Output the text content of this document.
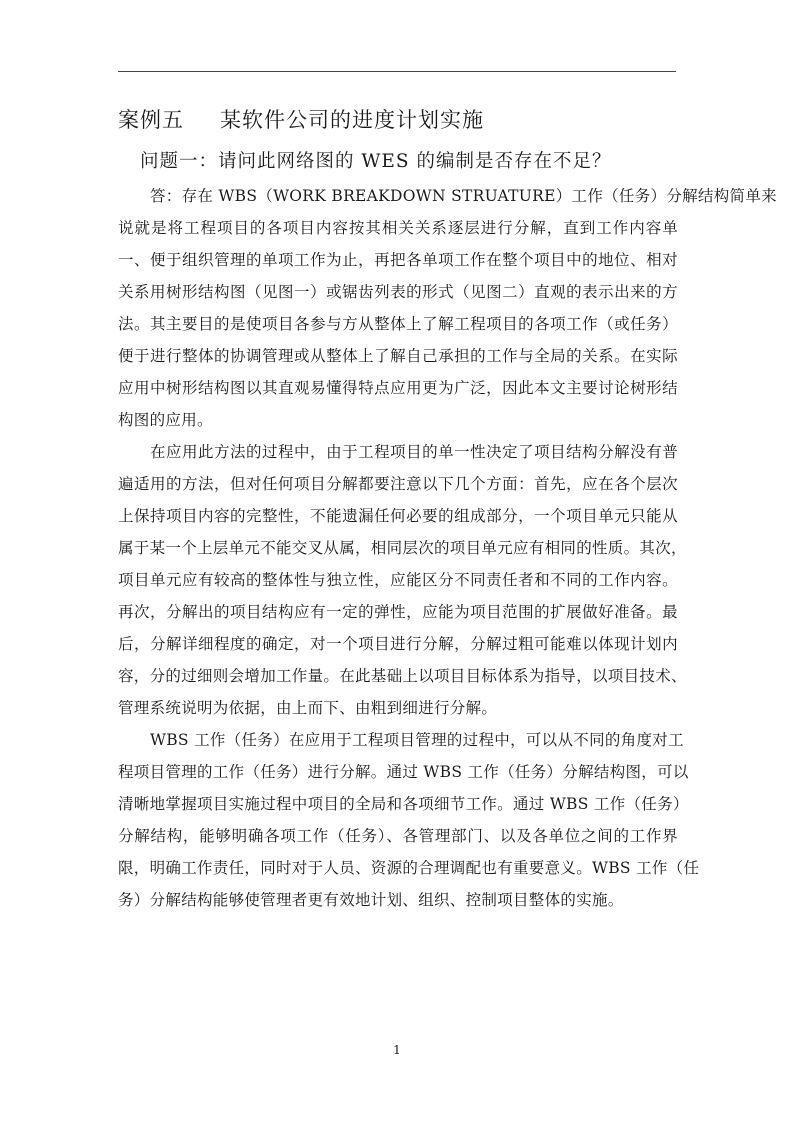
案例五 某软件公司的进度计划实施
问题一：请问此网络图的 WES 的编制是否存在不足？
答：存在 WBS（WORK BREAKDOWN STRUATURE）工作（任务）分解结构简单来
说就是将工程项目的各项目内容按其相关关系逐层进行分解，直到工作内容单
一、便于组织管理的单项工作为止，再把各单项工作在整个项目中的地位、相对
关系用树形结构图（见图一）或锯齿列表的形式（见图二）直观的表示出来的方
法。其主要目的是使项目各参与方从整体上了解工程项目的各项工作（或任务）
便于进行整体的协调管理或从整体上了解自己承担的工作与全局的关系。在实际
应用中树形结构图以其直观易懂得特点应用更为广泛，因此本文主要讨论树形结
构图的应用。
在应用此方法的过程中，由于工程项目的单一性决定了项目结构分解没有普
遍适用的方法，但对任何项目分解都要注意以下几个方面：首先，应在各个层次
上保持项目内容的完整性，不能遗漏任何必要的组成部分，一个项目单元只能从
属于某一个上层单元不能交叉从属，相同层次的项目单元应有相同的性质。其次，
项目单元应有较高的整体性与独立性，应能区分不同责任者和不同的工作内容。
再次，分解出的项目结构应有一定的弹性，应能为项目范围的扩展做好准备。最
后，分解详细程度的确定，对一个项目进行分解，分解过粗可能难以体现计划内
容，分的过细则会增加工作量。在此基础上以项目目标体系为指导，以项目技术、
管理系统说明为依据，由上而下、由粗到细进行分解。
WBS 工作（任务）在应用于工程项目管理的过程中，可以从不同的角度对工
程项目管理的工作（任务）进行分解。通过 WBS 工作（任务）分解结构图，可以
清晰地掌握项目实施过程中项目的全局和各项细节工作。通过 WBS 工作（任务）
分解结构，能够明确各项工作（任务）、各管理部门、以及各单位之间的工作界
限，明确工作责任，同时对于人员、资源的合理调配也有重要意义。WBS 工作（任
务）分解结构能够使管理者更有效地计划、组织、控制项目整体的实施。
1
